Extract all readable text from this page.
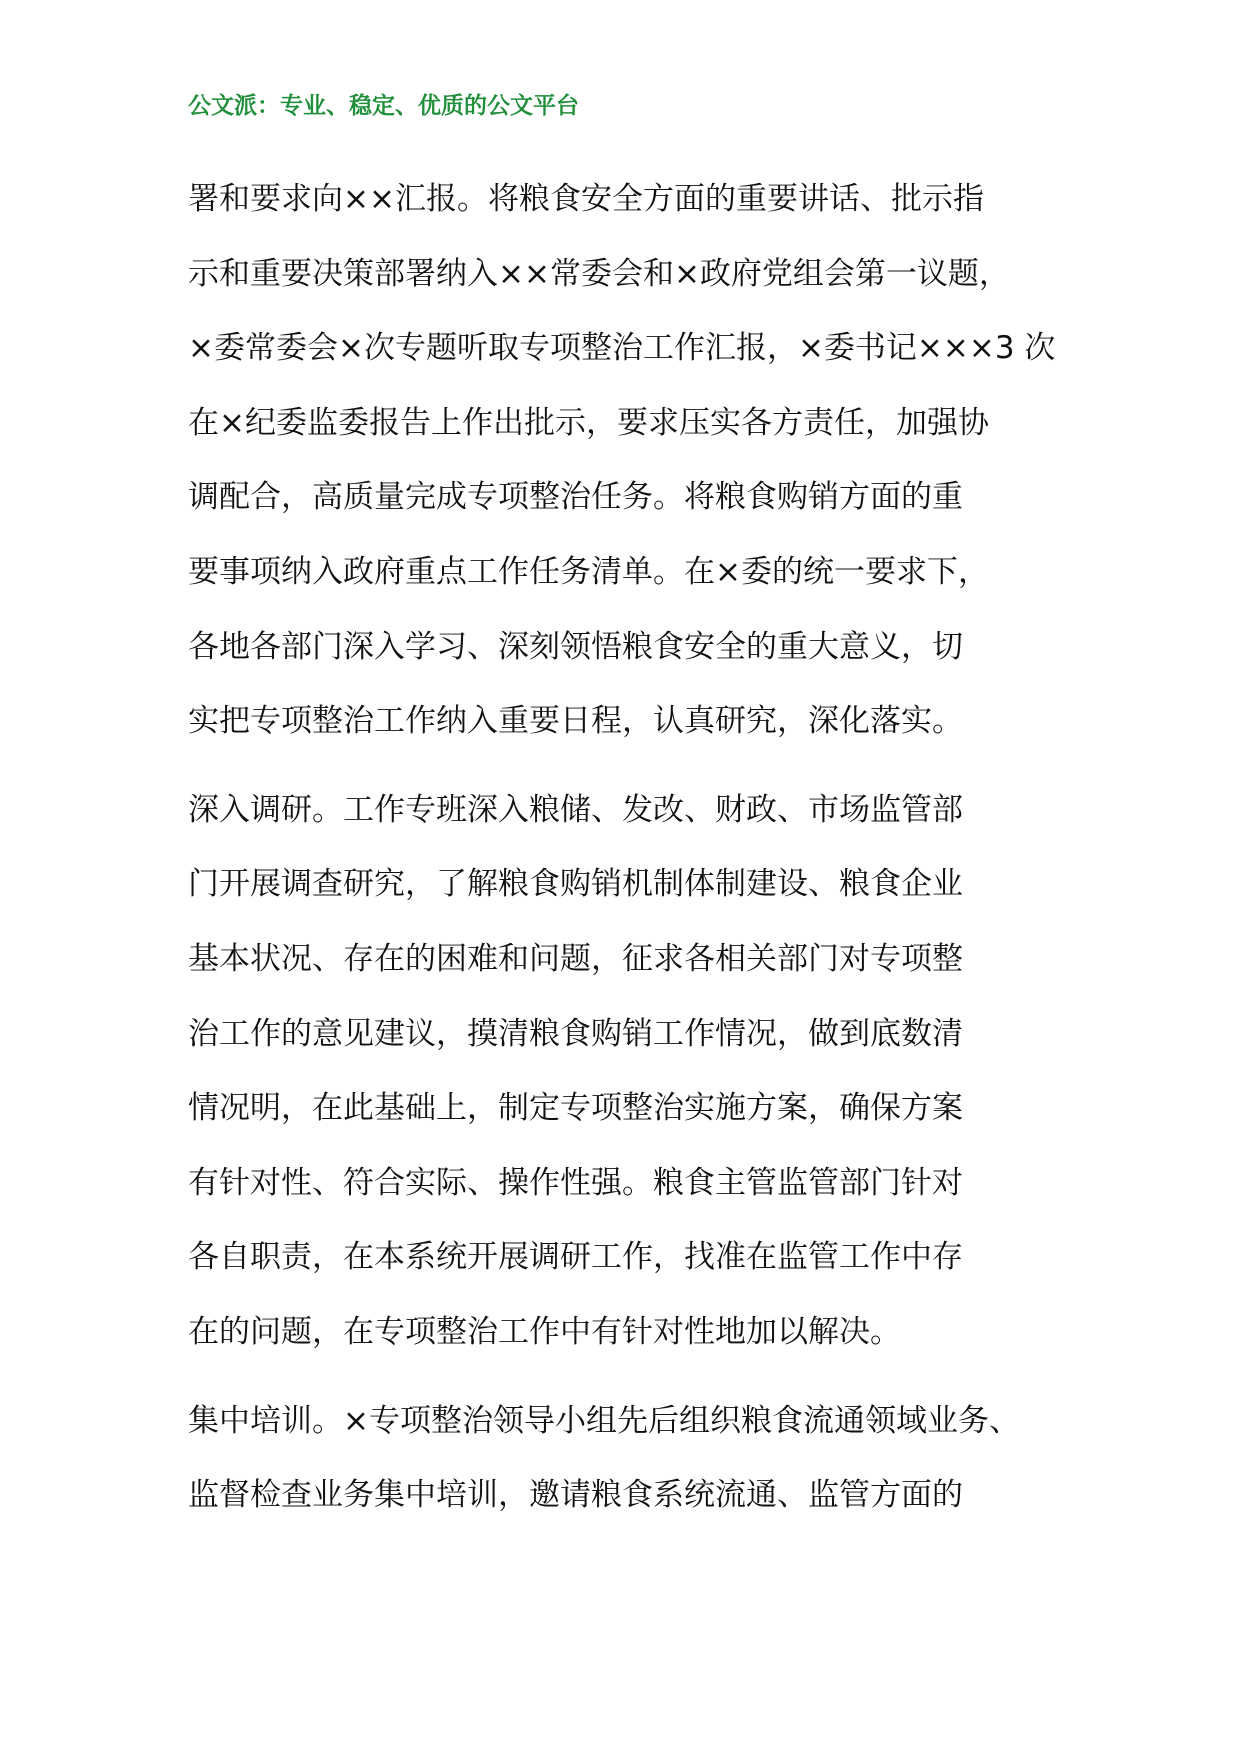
公文派：专业、稳定、优质的公文平台
署和要求向××汇报。将粮食安全方面的重要讲话、批示指
示和重要决策部署纳入××常委会和×政府党组会第一议题，
×委常委会×次专题听取专项整治工作汇报，×委书记×××3 次
在×纪委监委报告上作出批示，要求压实各方责任，加强协
调配合，高质量完成专项整治任务。将粮食购销方面的重
要事项纳入政府重点工作任务清单。在×委的统一要求下，
各地各部门深入学习、深刻领悟粮食安全的重大意义，切
实把专项整治工作纳入重要日程，认真研究，深化落实。
深入调研。工作专班深入粮储、发改、财政、市场监管部
门开展调查研究，了解粮食购销机制体制建设、粮食企业
基本状况、存在的困难和问题，征求各相关部门对专项整
治工作的意见建议，摸清粮食购销工作情况，做到底数清
情况明，在此基础上，制定专项整治实施方案，确保方案
有针对性、符合实际、操作性强。粮食主管监管部门针对
各自职责，在本系统开展调研工作，找准在监管工作中存
在的问题，在专项整治工作中有针对性地加以解决。
集中培训。×专项整治领导小组先后组织粮食流通领域业务、
监督检查业务集中培训，邀请粮食系统流通、监管方面的
